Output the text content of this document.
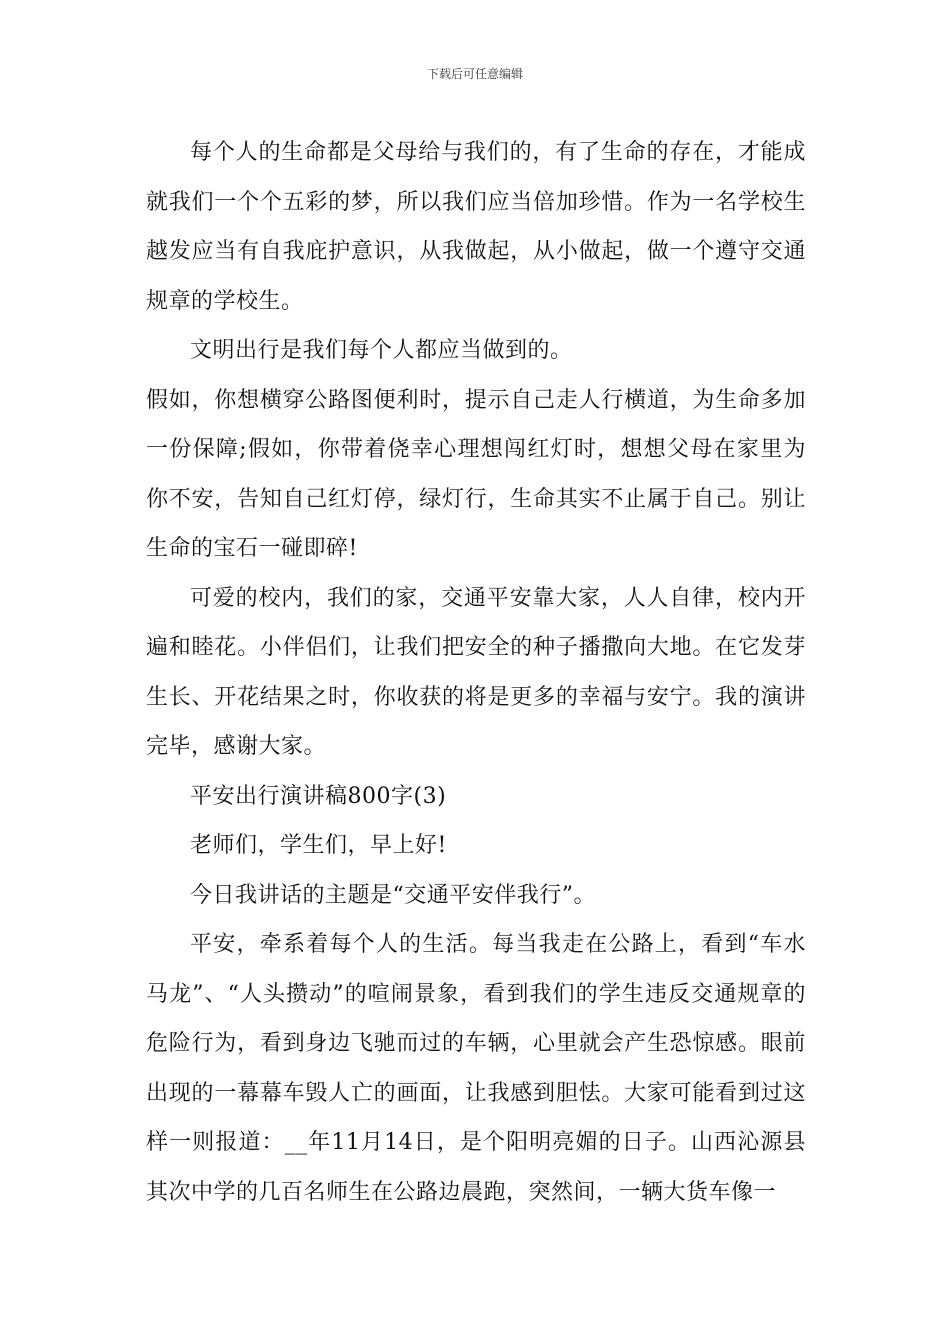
下载后可任意编辑

每个人的生命都是父母给与我们的，有了生命的存在，才能成就我们一个个五彩的梦，所以我们应当倍加珍惜。作为一名学校生越发应当有自我庇护意识，从我做起，从小做起，做一个遵守交通规章的学校生。

文明出行是我们每个人都应当做到的。

假如，你想横穿公路图便利时，提示自己走人行横道，为生命多加一份保障;假如，你带着侥幸心理想闯红灯时，想想父母在家里为你不安，告知自己红灯停，绿灯行，生命其实不止属于自己。别让生命的宝石一碰即碎!

可爱的校内，我们的家，交通平安靠大家，人人自律，校内开遍和睦花。小伴侣们，让我们把安全的种子播撒向大地。在它发芽生长、开花结果之时，你收获的将是更多的幸福与安宁。我的演讲完毕，感谢大家。

平安出行演讲稿800字(3)

老师们，学生们，早上好!

今日我讲话的主题是“交通平安伴我行”。

平安，牵系着每个人的生活。每当我走在公路上，看到“车水马龙”、“人头攒动”的喧闹景象，看到我们的学生违反交通规章的危险行为，看到身边飞驰而过的车辆，心里就会产生恐惊感。眼前出现的一幕幕车毁人亡的画面，让我感到胆怯。大家可能看到过这样一则报道：__年11月14日，是个阳明亮媚的日子。山西沁源县其次中学的几百名师生在公路边晨跑，突然间，一辆大货车像一
